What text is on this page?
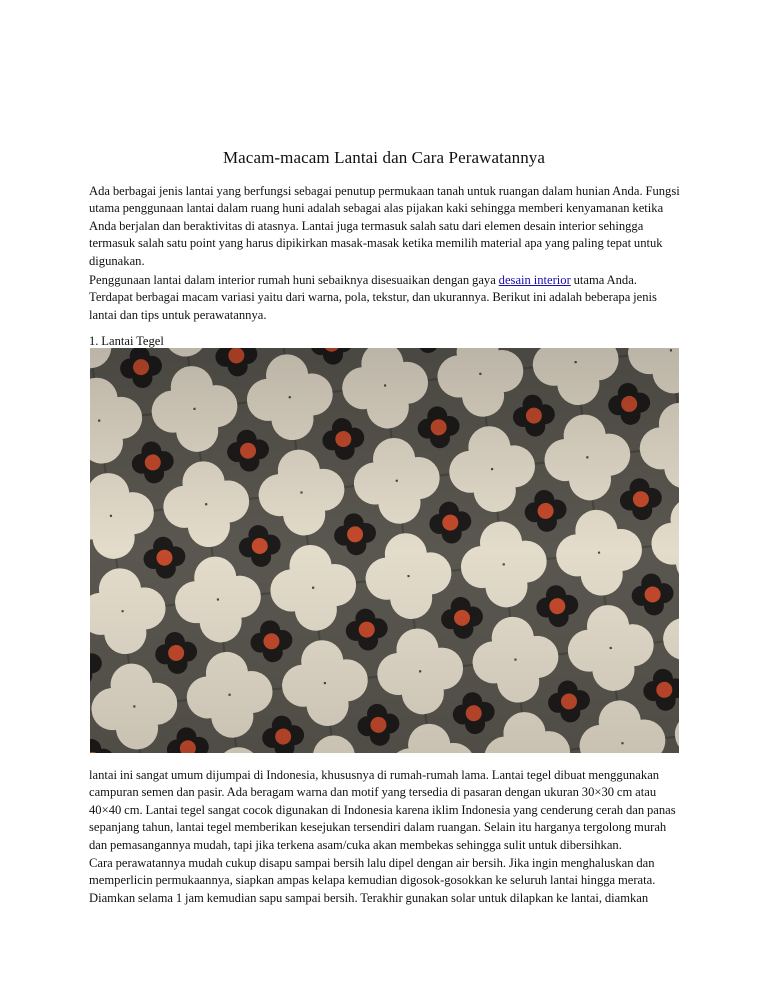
Macam-macam Lantai dan Cara Perawatannya

Ada berbagai jenis lantai yang berfungsi sebagai penutup permukaan tanah untuk ruangan dalam hunian Anda. Fungsi utama penggunaan lantai dalam ruang huni adalah sebagai alas pijakan kaki sehingga memberi kenyamanan ketika Anda berjalan dan beraktivitas di atasnya. Lantai juga termasuk salah satu dari elemen desain interior sehingga termasuk salah satu point yang harus dipikirkan masak-masak ketika memilih material apa yang paling tepat untuk digunakan.

Penggunaan lantai dalam interior rumah huni sebaiknya disesuaikan dengan gaya desain interior utama Anda. Terdapat berbagai macam variasi yaitu dari warna, pola, tekstur, dan ukurannya. Berikut ini adalah beberapa jenis lantai dan tips untuk perawatannya.

1. Lantai Tegel

lantai ini sangat umum dijumpai di Indonesia, khususnya di rumah-rumah lama. Lantai tegel dibuat menggunakan campuran semen dan pasir. Ada beragam warna dan motif yang tersedia di pasaran dengan ukuran 30×30 cm atau 40×40 cm. Lantai tegel sangat cocok digunakan di Indonesia karena iklim Indonesia yang cenderung cerah dan panas sepanjang tahun, lantai tegel memberikan kesejukan tersendiri dalam ruangan. Selain itu harganya tergolong murah dan pemasangannya mudah, tapi jika terkena asam/cuka akan membekas sehingga sulit untuk dibersihkan.

Cara perawatannya mudah cukup disapu sampai bersih lalu dipel dengan air bersih. Jika ingin menghaluskan dan memperlicin permukaannya, siapkan ampas kelapa kemudian digosok-gosokkan ke seluruh lantai hingga merata. Diamkan selama 1 jam kemudian sapu sampai bersih. Terakhir gunakan solar untuk dilapkan ke lantai, diamkan
